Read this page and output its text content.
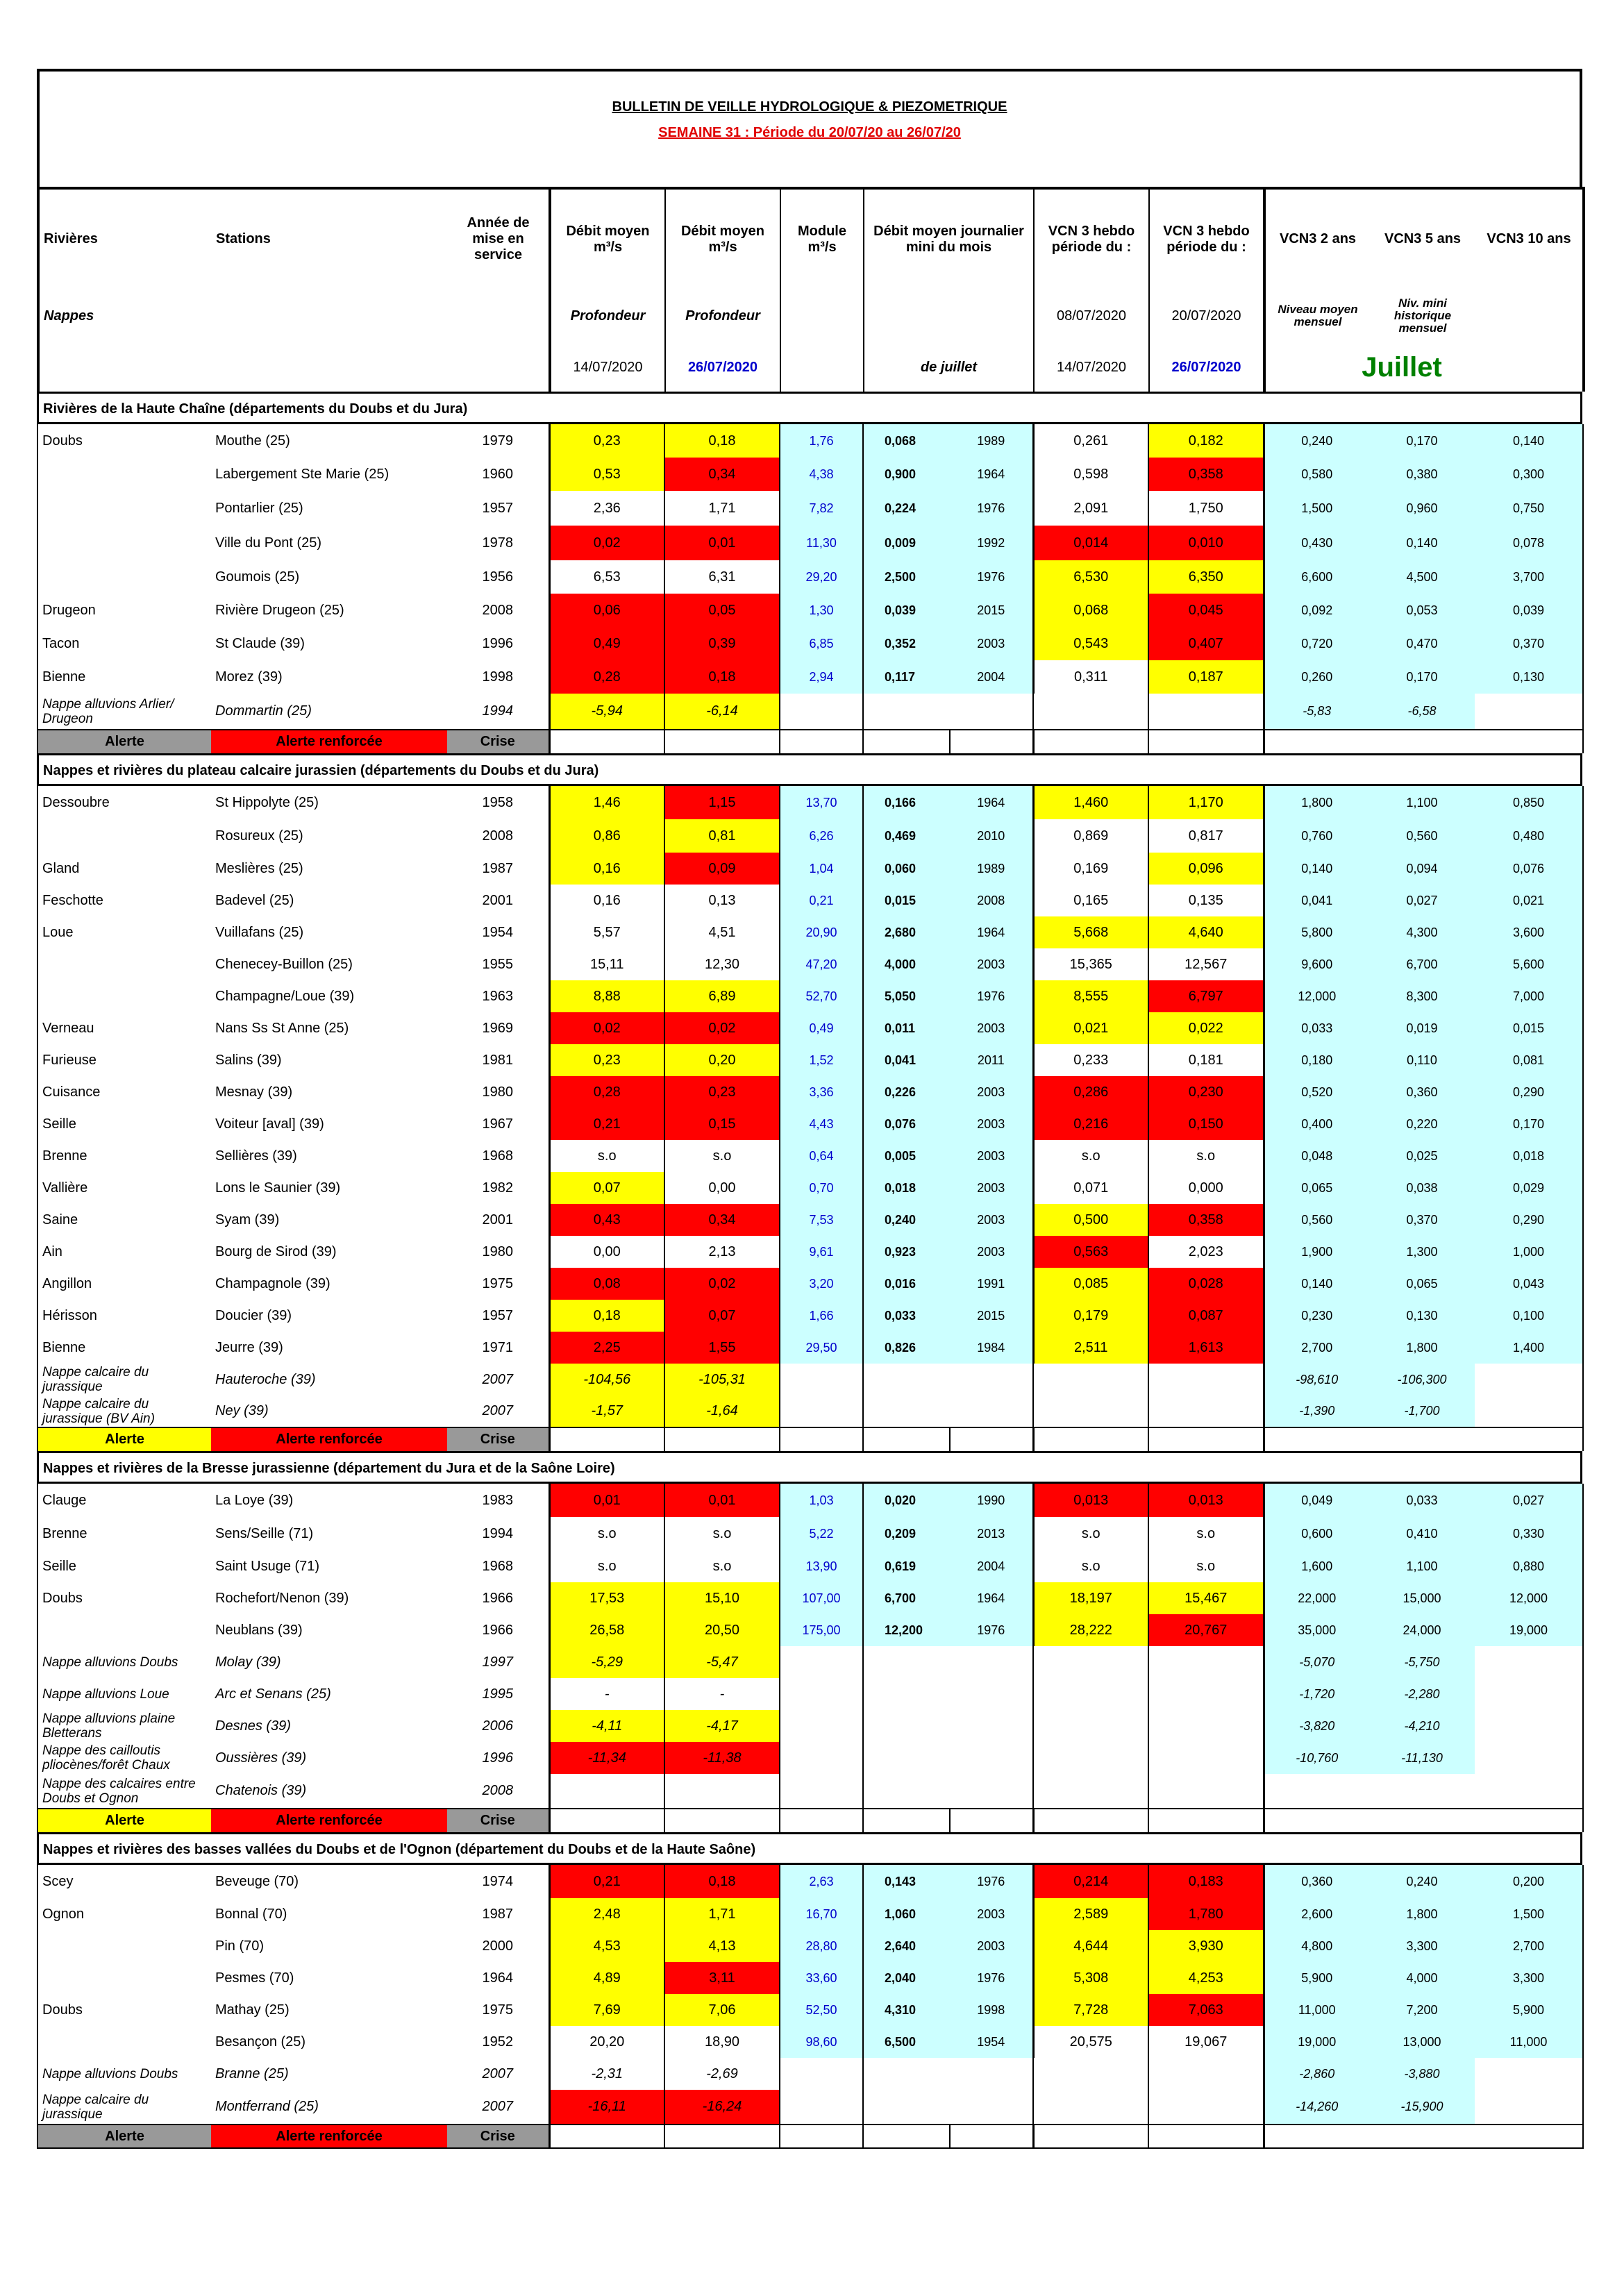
BULLETIN DE VEILLE HYDROLOGIQUE & PIEZOMETRIQUE
SEMAINE 31 : Période du 20/07/20 au 26/07/20
Rivières	Stations	Année de mise en service	Débit moyen m³/s	Débit moyen m³/s	Module m³/s	Débit moyen journalier mini du mois	VCN 3 hebdo période du :	VCN 3 hebdo période du :	VCN3 2 ans	VCN3 5 ans	VCN3 10 ans
Nappes			Profondeur	Profondeur			08/07/2020	20/07/2020	Niveau moyen mensuel	Niv. mini historique mensuel	
			14/07/2020	26/07/2020		de juillet	14/07/2020	26/07/2020	Juillet		
Rivières de la Haute Chaîne (départements du Doubs et du Jura)

Doubs	Mouthe (25)	1979	0,23	0,18	1,76	0,068	1989	0,261	0,182	0,240	0,170	0,140
	Labergement Ste Marie (25)	1960	0,53	0,34	4,38	0,900	1964	0,598	0,358	0,580	0,380	0,300
	Pontarlier (25)	1957	2,36	1,71	7,82	0,224	1976	2,091	1,750	1,500	0,960	0,750
	Ville du Pont (25)	1978	0,02	0,01	11,30	0,009	1992	0,014	0,010	0,430	0,140	0,078
	Goumois (25)	1956	6,53	6,31	29,20	2,500	1976	6,530	6,350	6,600	4,500	3,700
Drugeon	Rivière Drugeon (25)	2008	0,06	0,05	1,30	0,039	2015	0,068	0,045	0,092	0,053	0,039
Tacon	St Claude (39)	1996	0,49	0,39	6,85	0,352	2003	0,543	0,407	0,720	0,470	0,370
Bienne	Morez (39)	1998	0,28	0,18	2,94	0,117	2004	0,311	0,187	0,260	0,170	0,130
Nappe alluvions Arlier/ Drugeon	Dommartin (25)	1994	-5,94	-6,14						-5,83	-6,58	
Alerte	Alerte renforcée	Crise										
Nappes et rivières du plateau calcaire jurassien (départements du Doubs et du Jura)
Dessoubre	St Hippolyte (25)	1958	1,46	1,15	13,70	0,166	1964	1,460	1,170	1,800	1,100	0,850
	Rosureux (25)	2008	0,86	0,81	6,26	0,469	2010	0,869	0,817	0,760	0,560	0,480
Gland	Meslières (25)	1987	0,16	0,09	1,04	0,060	1989	0,169	0,096	0,140	0,094	0,076
Feschotte	Badevel (25)	2001	0,16	0,13	0,21	0,015	2008	0,165	0,135	0,041	0,027	0,021
Loue	Vuillafans (25)	1954	5,57	4,51	20,90	2,680	1964	5,668	4,640	5,800	4,300	3,600
	Chenecey-Buillon (25)	1955	15,11	12,30	47,20	4,000	2003	15,365	12,567	9,600	6,700	5,600
	Champagne/Loue (39)	1963	8,88	6,89	52,70	5,050	1976	8,555	6,797	12,000	8,300	7,000
Verneau	Nans Ss St Anne (25)	1969	0,02	0,02	0,49	0,011	2003	0,021	0,022	0,033	0,019	0,015
Furieuse	Salins (39)	1981	0,23	0,20	1,52	0,041	2011	0,233	0,181	0,180	0,110	0,081
Cuisance	Mesnay (39)	1980	0,28	0,23	3,36	0,226	2003	0,286	0,230	0,520	0,360	0,290
Seille	Voiteur [aval] (39)	1967	0,21	0,15	4,43	0,076	2003	0,216	0,150	0,400	0,220	0,170
Brenne	Sellières (39)	1968	s.o	s.o	0,64	0,005	2003	s.o	s.o	0,048	0,025	0,018
Vallière	Lons le Saunier (39)	1982	0,07	0,00	0,70	0,018	2003	0,071	0,000	0,065	0,038	0,029
Saine	Syam (39)	2001	0,43	0,34	7,53	0,240	2003	0,500	0,358	0,560	0,370	0,290
Ain	Bourg de Sirod (39)	1980	0,00	2,13	9,61	0,923	2003	0,563	2,023	1,900	1,300	1,000
Angillon	Champagnole (39)	1975	0,08	0,02	3,20	0,016	1991	0,085	0,028	0,140	0,065	0,043
Hérisson	Doucier (39)	1957	0,18	0,07	1,66	0,033	2015	0,179	0,087	0,230	0,130	0,100
Bienne	Jeurre (39)	1971	2,25	1,55	29,50	0,826	1984	2,511	1,613	2,700	1,800	1,400
Nappe calcaire du jurassique	Hauteroche (39)	2007	-104,56	-105,31						-98,610	-106,300	
Nappe calcaire du jurassique (BV Ain)	Ney (39)	2007	-1,57	-1,64						-1,390	-1,700	
Alerte	Alerte renforcée	Crise										
Nappes et rivières de la Bresse jurassienne (département du Jura et de la Saône Loire)
Clauge	La Loye (39)	1983	0,01	0,01	1,03	0,020	1990	0,013	0,013	0,049	0,033	0,027
Brenne	Sens/Seille (71)	1994	s.o	s.o	5,22	0,209	2013	s.o	s.o	0,600	0,410	0,330
Seille	Saint Usuge (71)	1968	s.o	s.o	13,90	0,619	2004	s.o	s.o	1,600	1,100	0,880
Doubs	Rochefort/Nenon (39)	1966	17,53	15,10	107,00	6,700	1964	18,197	15,467	22,000	15,000	12,000
	Neublans (39)	1966	26,58	20,50	175,00	12,200	1976	28,222	20,767	35,000	24,000	19,000
Nappe alluvions Doubs	Molay (39)	1997	-5,29	-5,47						-5,070	-5,750	
Nappe alluvions Loue	Arc et Senans (25)	1995	-	-						-1,720	-2,280	
Nappe alluvions plaine Bletterans	Desnes (39)	2006	-4,11	-4,17						-3,820	-4,210	
Nappe des cailloutis pliocènes/forêt Chaux	Oussières (39)	1996	-11,34	-11,38						-10,760	-11,130	
Nappe des calcaires entre Doubs et Ognon	Chatenois (39)	2008										
Alerte	Alerte renforcée	Crise										
Nappes et rivières des basses vallées du Doubs et de l'Ognon (département du Doubs et de la Haute Saône)
Scey	Beveuge (70)	1974	0,21	0,18	2,63	0,143	1976	0,214	0,183	0,360	0,240	0,200
Ognon	Bonnal (70)	1987	2,48	1,71	16,70	1,060	2003	2,589	1,780	2,600	1,800	1,500
	Pin (70)	2000	4,53	4,13	28,80	2,640	2003	4,644	3,930	4,800	3,300	2,700
	Pesmes (70)	1964	4,89	3,11	33,60	2,040	1976	5,308	4,253	5,900	4,000	3,300
Doubs	Mathay (25)	1975	7,69	7,06	52,50	4,310	1998	7,728	7,063	11,000	7,200	5,900
	Besançon (25)	1952	20,20	18,90	98,60	6,500	1954	20,575	19,067	19,000	13,000	11,000
Nappe alluvions Doubs	Branne (25)	2007	-2,31	-2,69						-2,860	-3,880	
Nappe calcaire du jurassique	Montferrand (25)	2007	-16,11	-16,24						-14,260	-15,900	
Alerte	Alerte renforcée	Crise										
